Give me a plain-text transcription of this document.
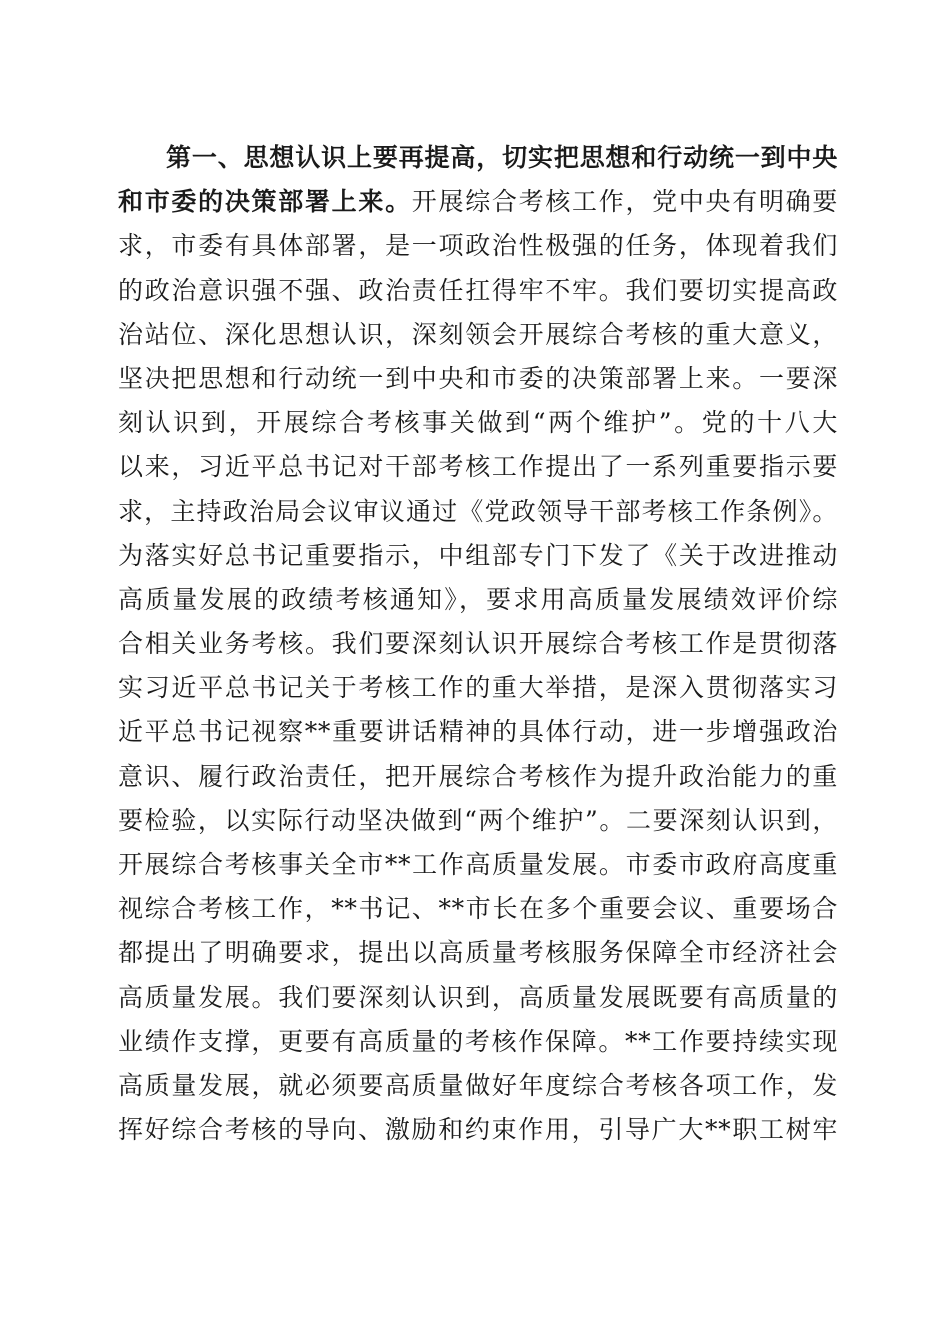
第一、思想认识上要再提高，切实把思想和行动统一到中央
和市委的决策部署上来。开展综合考核工作，党中央有明确要
求，市委有具体部署，是一项政治性极强的任务，体现着我们
的政治意识强不强、政治责任扛得牢不牢。我们要切实提高政
治站位、深化思想认识，深刻领会开展综合考核的重大意义，
坚决把思想和行动统一到中央和市委的决策部署上来。一要深
刻认识到，开展综合考核事关做到“两个维护”。党的十八大
以来，习近平总书记对干部考核工作提出了一系列重要指示要
求，主持政治局会议审议通过《党政领导干部考核工作条例》。
为落实好总书记重要指示，中组部专门下发了《关于改进推动
高质量发展的政绩考核通知》，要求用高质量发展绩效评价综
合相关业务考核。我们要深刻认识开展综合考核工作是贯彻落
实习近平总书记关于考核工作的重大举措，是深入贯彻落实习
近平总书记视察**重要讲话精神的具体行动，进一步增强政治
意识、履行政治责任，把开展综合考核作为提升政治能力的重
要检验，以实际行动坚决做到“两个维护”。二要深刻认识到，
开展综合考核事关全市**工作高质量发展。市委市政府高度重
视综合考核工作，**书记、**市长在多个重要会议、重要场合
都提出了明确要求，提出以高质量考核服务保障全市经济社会
高质量发展。我们要深刻认识到，高质量发展既要有高质量的
业绩作支撑，更要有高质量的考核作保障。**工作要持续实现
高质量发展，就必须要高质量做好年度综合考核各项工作，发
挥好综合考核的导向、激励和约束作用，引导广大**职工树牢
